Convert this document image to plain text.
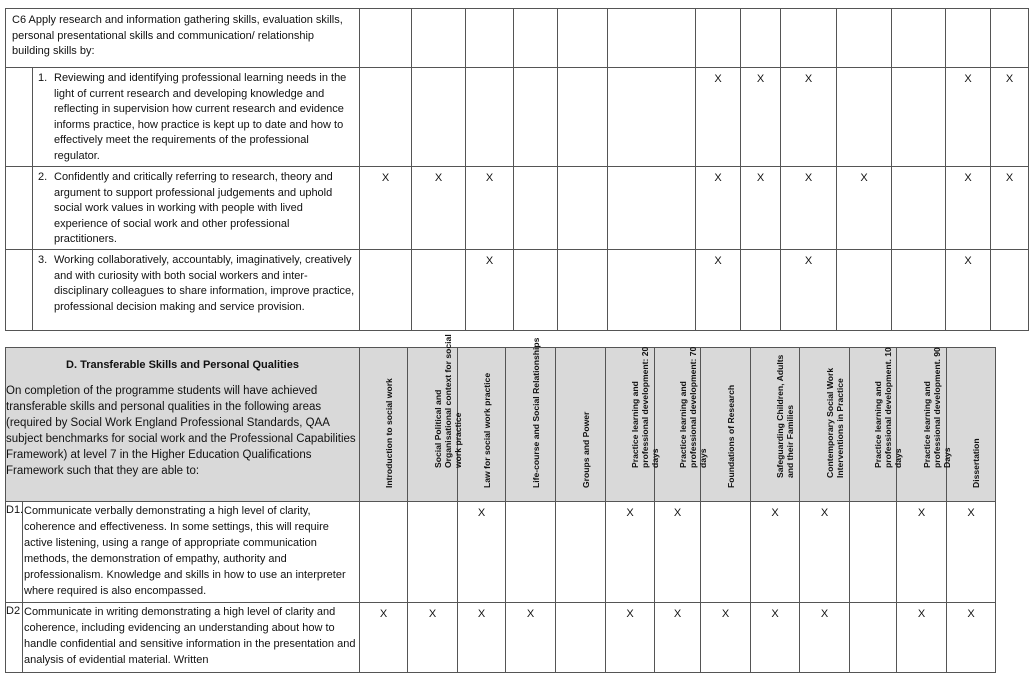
C6 Apply research and information gathering skills, evaluation skills, personal presentational skills and communication/ relationship building skills by:														

	1. Reviewing and identifying professional learning needs in the light of current research and developing knowledge and reflecting in supervision how current research and evidence informs practice, how practice is kept up to date and how to effectively meet the requirements of the professional regulator.							X	X	X			X	X

	2. Confidently and critically referring to research, theory and argument to support professional judgements and uphold social work values in working with people with lived experience of social work and other professional practitioners.	X	X	X				X	X	X	X		X	X

	3. Working collaboratively, accountably, imaginatively, creatively and with curiosity with both social workers and inter-disciplinary colleagues to share information, improve practice, professional decision making and service provision.			X				X		X			X	
D. Transferable Skills and Personal Qualities
On completion of the programme students will have achieved transferable skills and personal qualities in the following areas (required by Social Work England Professional Standards, QAA subject benchmarks for social work and the Professional Capabilities Framework) at level 7 in the Higher Education Qualifications Framework such that they are able to:		Introduction to social work	Social Political and Organisational context for social work practice	Law for social work practice	Life-course and Social Relationships	Groups and Power	Practice learning and professional development: 20 days	Practice learning and professional development: 70 days	Foundations of Research	Safeguarding Children, Adults and their Families	Contemporary Social Work Interventions in Practice	Practice learning and professional development. 10 days	Practice learning and professional development. 90 Days	Dissertation

D1.	Communicate verbally demonstrating a high level of clarity, coherence and effectiveness. In some settings, this will require active listening, using a range of appropriate communication methods, the demonstration of empathy, authority and professionalism. Knowledge and skills in how to use an interpreter where required is also encompassed.			X			X	X		X	X		X	X
D2	Communicate in writing demonstrating a high level of clarity and coherence, including evidencing an understanding about how to handle confidential and sensitive information in the presentation and analysis of evidential material. Written	X	X	X	X		X	X	X	X	X		X	X
